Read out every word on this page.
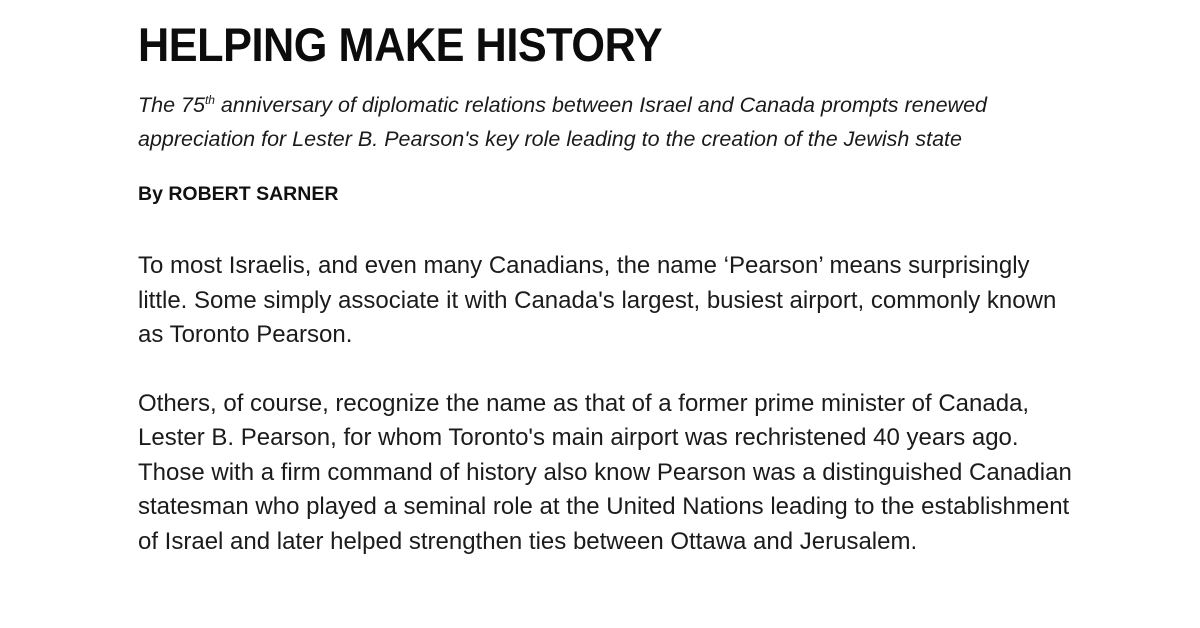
HELPING MAKE HISTORY

The 75th anniversary of diplomatic relations between Israel and Canada prompts renewed
appreciation for Lester B. Pearson's key role leading to the creation of the Jewish state

By ROBERT SARNER

To most Israelis, and even many Canadians, the name ‘Pearson’ means surprisingly
little. Some simply associate it with Canada's largest, busiest airport, commonly known
as Toronto Pearson.

Others, of course, recognize the name as that of a former prime minister of Canada,
Lester B. Pearson, for whom Toronto's main airport was rechristened 40 years ago.
Those with a firm command of history also know Pearson was a distinguished Canadian
statesman who played a seminal role at the United Nations leading to the establishment
of Israel and later helped strengthen ties between Ottawa and Jerusalem.
